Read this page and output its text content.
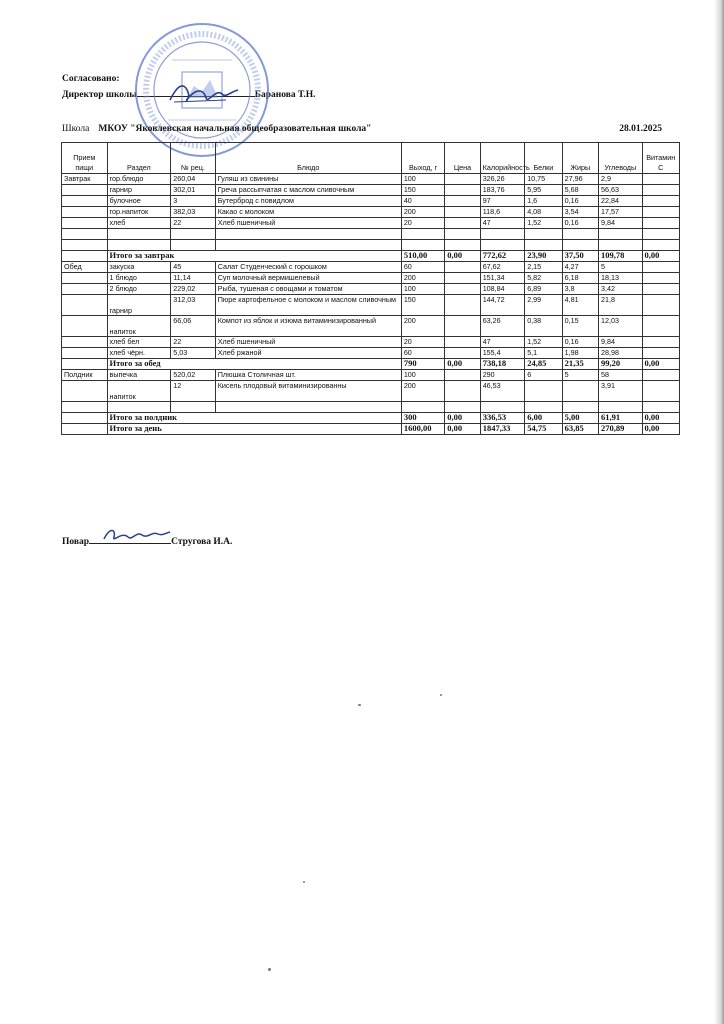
Согласовано:
Директор школы	Баранова Т.Н.
Школа МКОУ "Яковлевская начальная общеобразовательная школа"	28.01.2025
Прием пищи	Раздел	№ рец.	Блюдо	Выход, г	Цена	Калорийность	Белки	Жиры	Углеводы	Витамин С
Завтрак	гор.блюдо	260,04	Гуляш из свинины	100		326,26	10,75	27,96	2,9	
	гарнир	302,01	Греча рассыпчатая с маслом сливочным	150		183,76	5,95	5,68	56,63	
	булочное	3	Бутерброд с повидлом	40		97	1,6	0,16	22,84	
	гор.напиток	382,03	Какао с молоком	200		118,6	4,08	3,54	17,57	
	хлеб	22	Хлеб пшеничный	20		47	1,52	0,16	9,84	

	Итого за завтрак			510,00	0,00	772,62	23,90	37,50	109,78	0,00
Обед	закуска	45	Салат Студенческий с горошком	60		67,62	2,15	4,27	5	
	1 блюдо	11,14	Суп молочный вермишелевый	200		151,34	5,82	6,18	18,13	
	2 блюдо	229,02	Рыба, тушеная с овощами и томатом	100		108,84	6,89	3,8	3,42	
	гарнир	312,03	Пюре картофельное с молоком и маслом сливочным	150		144,72	2,99	4,81	21,8	
	напиток	66,06	Компот из яблок и изюма витаминизированный	200		63,26	0,38	0,15	12,03	
	хлеб бел	22	Хлеб пшеничный	20		47	1,52	0,16	9,84	
	хлеб чёрн.	5,03	Хлеб ржаной	60		155,4	5,1	1,98	28,98	
	Итого за обед			790	0,00	738,18	24,85	21,35	99,20	0,00
Полдник	выпечка	520,02	Плюшка Столичная шт.	100		290	6	5	58	
	напиток	12	Кисель плодовый витаминизированны	200		46,53			3,91	

	Итого за полдник			300	0,00	336,53	6,00	5,00	61,91	0,00
	Итого за день			1600,00	0,00	1847,33	54,75	63,85	270,89	0,00
Повар	Стругова И.А.
